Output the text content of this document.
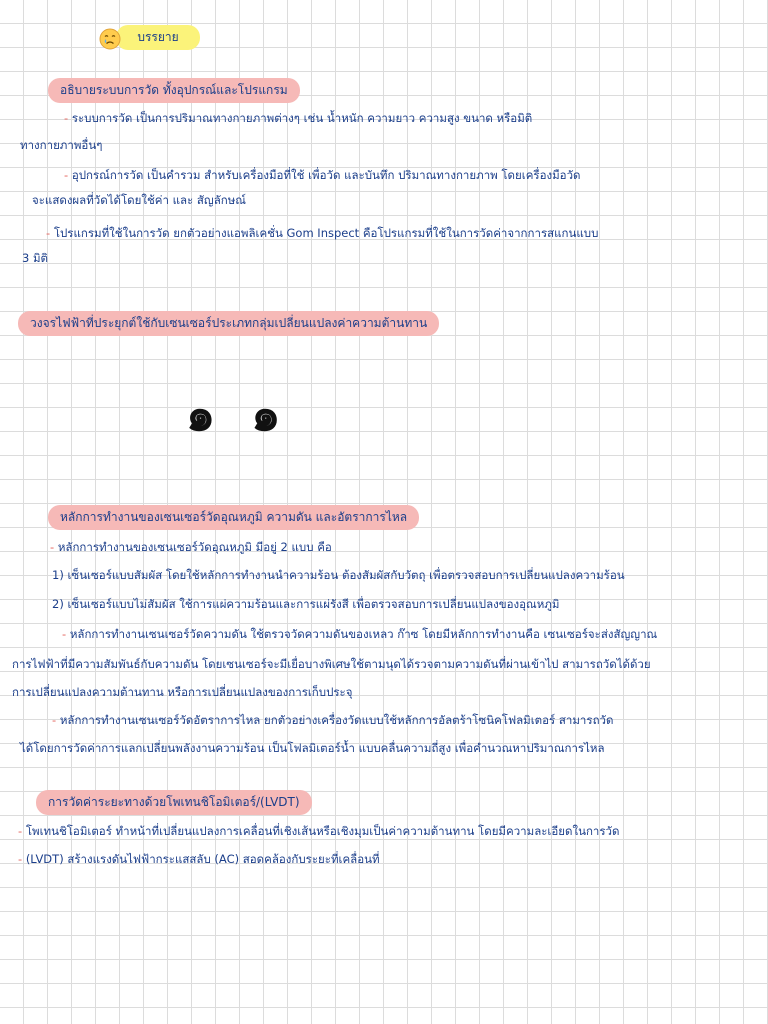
บรรยาย
อธิบายระบบการวัด ทั้งอุปกรณ์และโปรแกรม
- ระบบการวัด เป็นการปริมาณทางกายภาพต่างๆ เช่น น้ำหนัก ความยาว ความสูง ขนาด หรือมิติ
ทางกายภาพอื่นๆ
- อุปกรณ์การวัด เป็นคำรวม สำหรับเครื่องมือที่ใช้ เพื่อวัด และบันทึก ปริมาณทางกายภาพ โดยเครื่องมือวัด
จะแสดงผลที่วัดได้โดยใช้ค่า และ สัญลักษณ์
- โปรแกรมที่ใช้ในการวัด ยกตัวอย่างแอพลิเคชั่น Gom Inspect คือโปรแกรมที่ใช้ในการวัดค่าจากการสแกนแบบ
3 มิติ
วงจรไฟฟ้าที่ประยุกต์ใช้กับเซนเซอร์ประเภทกลุ่มเปลี่ยนแปลงค่าความต้านทาน
๑ ๑
หลักการทำงานของเซนเซอร์วัดอุณหภูมิ ความดัน และอัตราการไหล
- หลักการทำงานของเซนเซอร์วัดอุณหภูมิ มีอยู่ 2 แบบ คือ
1) เซ็นเซอร์แบบสัมผัส โดยใช้หลักการทำงานนำความร้อน ต้องสัมผัสกับวัตถุ เพื่อตรวจสอบการเปลี่ยนแปลงความร้อน
2) เซ็นเซอร์แบบไม่สัมผัส ใช้การแผ่ความร้อนและการแผ่รังสี เพื่อตรวจสอบการเปลี่ยนแปลงของอุณหภูมิ
- หลักการทำงานเซนเซอร์วัดความดัน ใช้ตรวจวัดความดันของเหลว ก๊าซ โดยมีหลักการทำงานคือ เซนเซอร์จะส่งสัญญาณ
การไฟฟ้าที่มีความสัมพันธ์กับความดัน โดยเซนเซอร์จะมีเยื่อบางพิเศษใช้ตามนุดได้รวจตามความดันที่ผ่านเข้าไป สามารถวัดได้ด้วย
การเปลี่ยนแปลงความต้านทาน หรือการเปลี่ยนแปลงของการเก็บประจุ
- หลักการทำงานเซนเซอร์วัดอัตราการไหล ยกตัวอย่างเครื่องวัดแบบใช้หลักการอัลตร้าโซนิคโฟลมิเตอร์ สามารถวัด
ได้โดยการวัดค่าการแลกเปลี่ยนพลังงานความร้อน เป็นโฟลมิเตอร์น้ำ แบบคลื่นความถี่สูง เพื่อคำนวณหาปริมาณการไหล
การวัดค่าระยะทางด้วยโพเทนชิโอมิเตอร์/(LVDT)
- โพเทนชิโอมิเตอร์ ทำหน้าที่เปลี่ยนแปลงการเคลื่อนที่เชิงเส้นหรือเชิงมุมเป็นค่าความต้านทาน โดยมีความละเอียดในการวัด
- (LVDT) สร้างแรงดันไฟฟ้ากระแสสลับ (AC) สอดคล้องกับระยะที่เคลื่อนที่
